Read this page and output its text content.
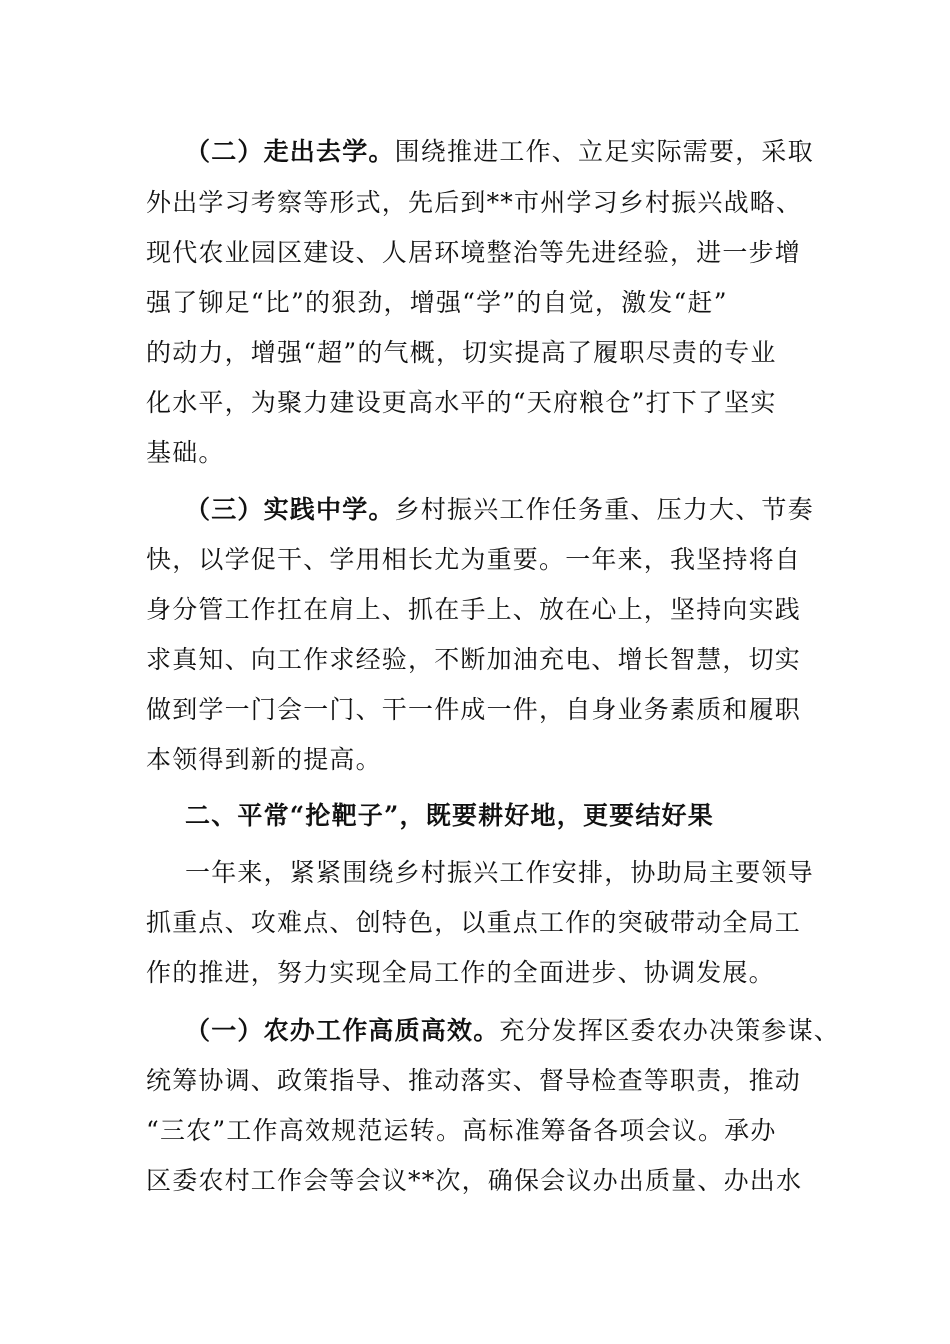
（二）走出去学。围绕推进工作、立足实际需要，采取
外出学习考察等形式，先后到**市州学习乡村振兴战略、
现代农业园区建设、人居环境整治等先进经验，进一步增
强了铆足“比”的狠劲，增强“学”的自觉，激发“赶”
的动力，增强“超”的气概，切实提高了履职尽责的专业
化水平，为聚力建设更高水平的“天府粮仓”打下了坚实
基础。
（三）实践中学。乡村振兴工作任务重、压力大、节奏
快，以学促干、学用相长尤为重要。一年来，我坚持将自
身分管工作扛在肩上、抓在手上、放在心上，坚持向实践
求真知、向工作求经验，不断加油充电、增长智慧，切实
做到学一门会一门、干一件成一件，自身业务素质和履职
本领得到新的提高。
二、平常“抡靶子”，既要耕好地，更要结好果
一年来，紧紧围绕乡村振兴工作安排，协助局主要领导
抓重点、攻难点、创特色，以重点工作的突破带动全局工
作的推进，努力实现全局工作的全面进步、协调发展。
（一）农办工作高质高效。充分发挥区委农办决策参谋、
统筹协调、政策指导、推动落实、督导检查等职责，推动
“三农”工作高效规范运转。高标准筹备各项会议。承办
区委农村工作会等会议**次，确保会议办出质量、办出水
